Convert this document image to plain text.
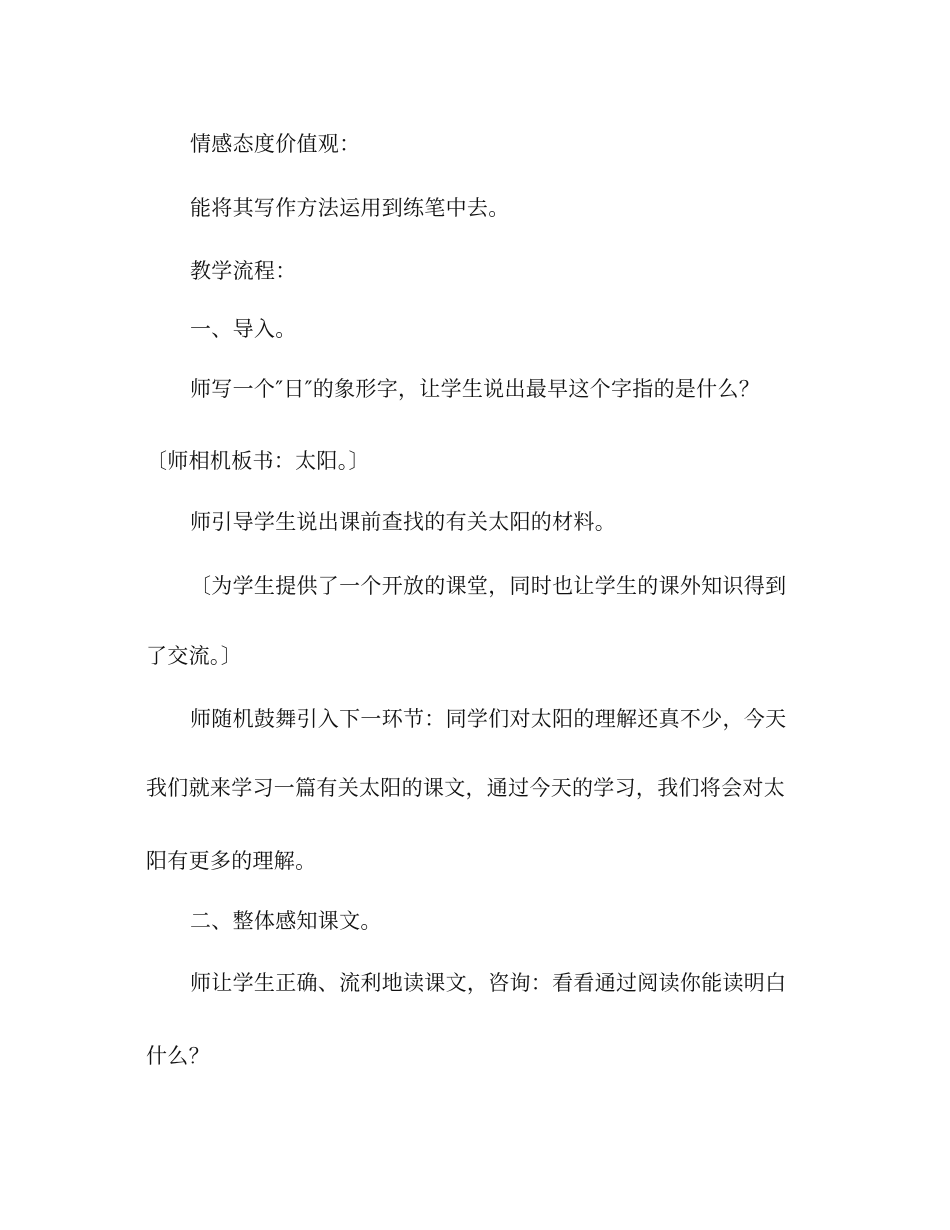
情感态度价值观：
能将其写作方法运用到练笔中去。
教学流程：
一、导入。
师写一个″日″的象形字，让学生说出最早这个字指的是什么？
〔师相机板书：太阳。〕
师引导学生说出课前查找的有关太阳的材料。
〔为学生提供了一个开放的课堂，同时也让学生的课外知识得到
了交流。〕
师随机鼓舞引入下一环节：同学们对太阳的理解还真不少，今天
我们就来学习一篇有关太阳的课文，通过今天的学习，我们将会对太
阳有更多的理解。
二、整体感知课文。
师让学生正确、流利地读课文，咨询：看看通过阅读你能读明白
什么？
